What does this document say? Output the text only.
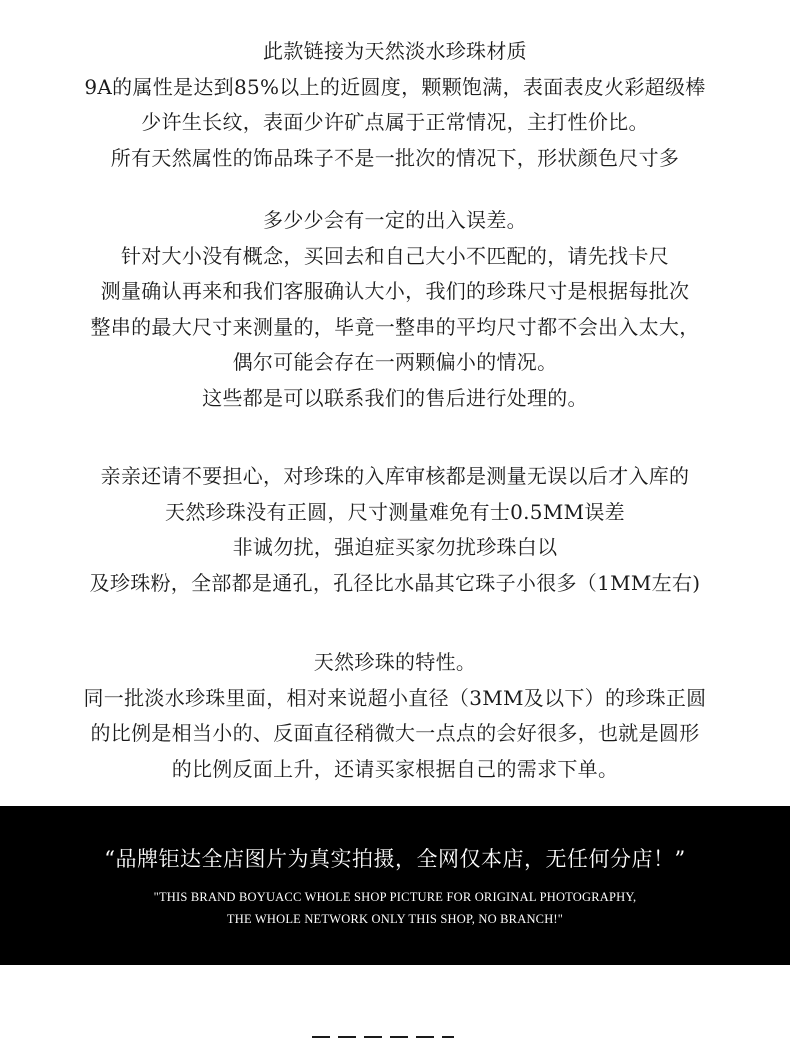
此款链接为天然淡水珍珠材质
9A的属性是达到85%以上的近圆度，颗颗饱满，表面表皮火彩超级棒
少许生长纹，表面少许矿点属于正常情况，主打性价比。
所有天然属性的饰品珠子不是一批次的情况下，形状颜色尺寸多

多少少会有一定的出入误差。
针对大小没有概念，买回去和自己大小不匹配的，请先找卡尺
测量确认再来和我们客服确认大小，我们的珍珠尺寸是根据每批次
整串的最大尺寸来测量的，毕竟一整串的平均尺寸都不会出入太大，
偶尔可能会存在一两颗偏小的情况。
这些都是可以联系我们的售后进行处理的。

亲亲还请不要担心，对珍珠的入库审核都是测量无误以后才入库的
天然珍珠没有正圆，尺寸测量难免有士0.5MM误差
非诚勿扰，强迫症买家勿扰珍珠白以
及珍珠粉，全部都是通孔，孔径比水晶其它珠子小很多（1MM左右)

天然珍珠的特性。
同一批淡水珍珠里面，相对来说超小直径（3MM及以下）的珍珠正圆
的比例是相当小的、反面直径稍微大一点点的会好很多，也就是圆形
的比例反面上升，还请买家根据自己的需求下单。

“品牌钜达全店图片为真实拍摄，全网仅本店，无任何分店！”
"THIS BRAND BOYUACC WHOLE SHOP PICTURE FOR ORIGINAL PHOTOGRAPHY,
THE WHOLE NETWORK ONLY THIS SHOP, NO BRANCH!"
